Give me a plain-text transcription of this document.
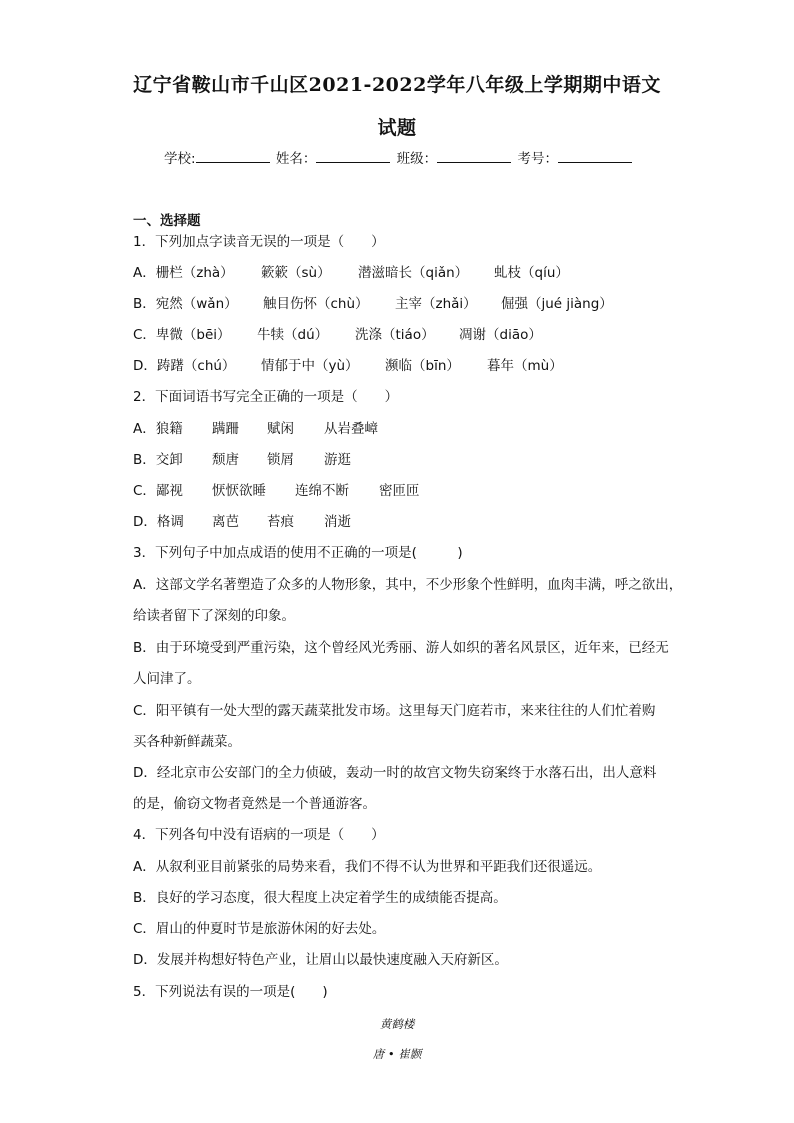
辽宁省鞍山市千山区2021-2022学年八年级上学期期中语文
试题
学校:	姓名：	班级：	考号：
一、选择题
1．下列加点字读音无误的一项是（　　）
A．栅栏（zhà） 簌簌（sù） 潜滋暗长（qiǎn） 虬枝（qíu）
B．宛然（wǎn） 触目伤怀（chù） 主宰（zhǎi） 倔强（jué jiàng）
C．卑微（bēi） 牛犊（dú） 洗涤（tiáo） 凋谢（diāo）
D．踌躇（chú） 情郁于中（yù） 濒临（bīn） 暮年（mù）
2．下面词语书写完全正确的一项是（　　）
A．狼籍 蹒跚 赋闲 从岩叠嶂
B．交卸 颓唐 锁屑 游逛
C．鄙视 恹恹欲睡 连绵不断 密匝匝
D．格调 离芭 苔痕 消逝
3．下列句子中加点成语的使用不正确的一项是(　　　)
A．这部文学名著塑造了众多的人物形象，其中，不少形象个性鲜明，血肉丰满，呼之欲出，
给读者留下了深刻的印象。
B．由于环境受到严重污染，这个曾经风光秀丽、游人如织的著名风景区，近年来，已经无
人问津了。
C．阳平镇有一处大型的露天蔬菜批发市场。这里每天门庭若市，来来往往的人们忙着购
买各种新鲜蔬菜。
D．经北京市公安部门的全力侦破，轰动一时的故宫文物失窃案终于水落石出，出人意料
的是，偷窃文物者竟然是一个普通游客。
4．下列各句中没有语病的一项是（　　）
A．从叙利亚目前紧张的局势来看，我们不得不认为世界和平距我们还很遥远。
B．良好的学习态度，很大程度上决定着学生的成绩能否提高。
C．眉山的仲夏时节是旅游休闲的好去处。
D．发展并构想好特色产业，让眉山以最快速度融入天府新区。
5．下列说法有误的一项是(　　)
黄鹤楼
唐 • 崔颢
